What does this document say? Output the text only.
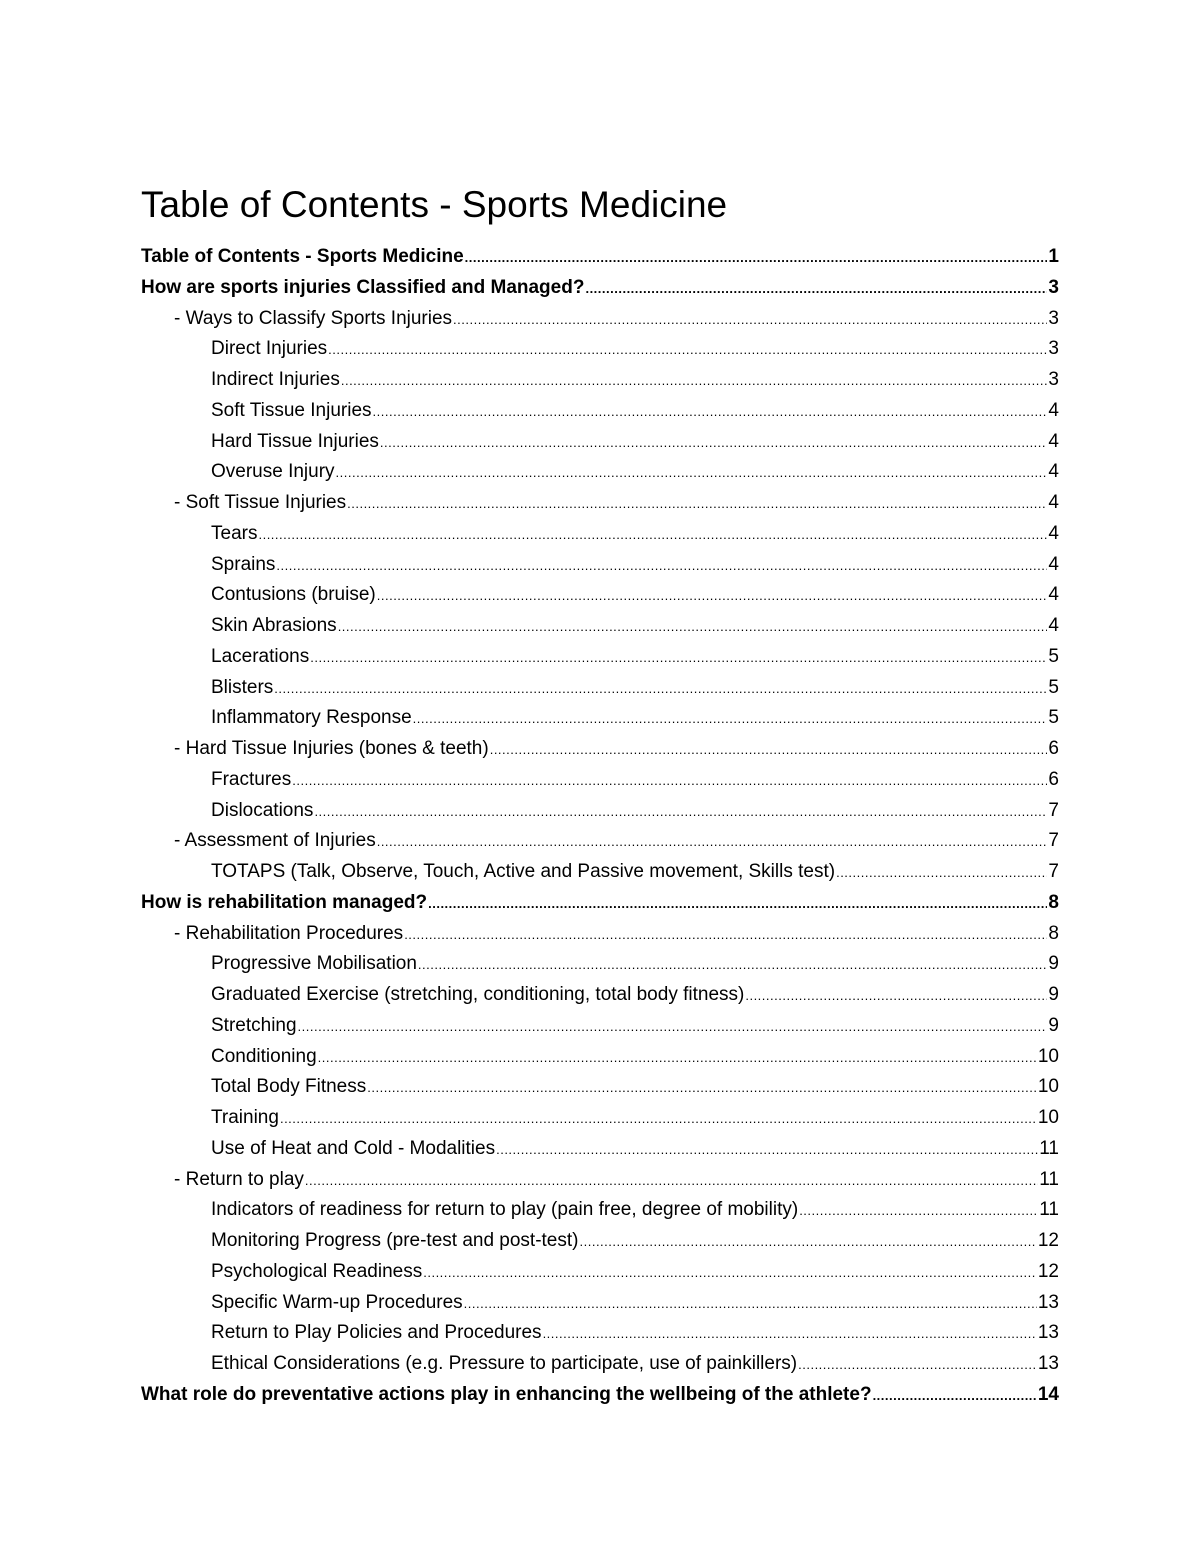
Table of Contents - Sports Medicine
Table of Contents - Sports Medicine .....	1
How are sports injuries Classified and Managed? .....	3
- Ways to Classify Sports Injuries .....	3
Direct Injuries .....	3
Indirect Injuries .....	3
Soft Tissue Injuries .....	4
Hard Tissue Injuries .....	4
Overuse Injury .....	4
- Soft Tissue Injuries .....	4
Tears .....	4
Sprains .....	4
Contusions (bruise) .....	4
Skin Abrasions .....	4
Lacerations .....	5
Blisters .....	5
Inflammatory Response .....	5
- Hard Tissue Injuries (bones & teeth) .....	6
Fractures .....	6
Dislocations .....	7
- Assessment of Injuries .....	7
TOTAPS (Talk, Observe, Touch, Active and Passive movement, Skills test) .....	7
How is rehabilitation managed? .....	8
- Rehabilitation Procedures .....	8
Progressive Mobilisation .....	9
Graduated Exercise (stretching, conditioning, total body fitness) .....	9
Stretching .....	9
Conditioning .....	10
Total Body Fitness .....	10
Training .....	10
Use of Heat and Cold - Modalities .....	11
- Return to play .....	11
Indicators of readiness for return to play (pain free, degree of mobility) .....	11
Monitoring Progress (pre-test and post-test) .....	12
Psychological Readiness .....	12
Specific Warm-up Procedures .....	13
Return to Play Policies and Procedures .....	13
Ethical Considerations (e.g. Pressure to participate, use of painkillers) .....	13
What role do preventative actions play in enhancing the wellbeing of the athlete? .....	14
